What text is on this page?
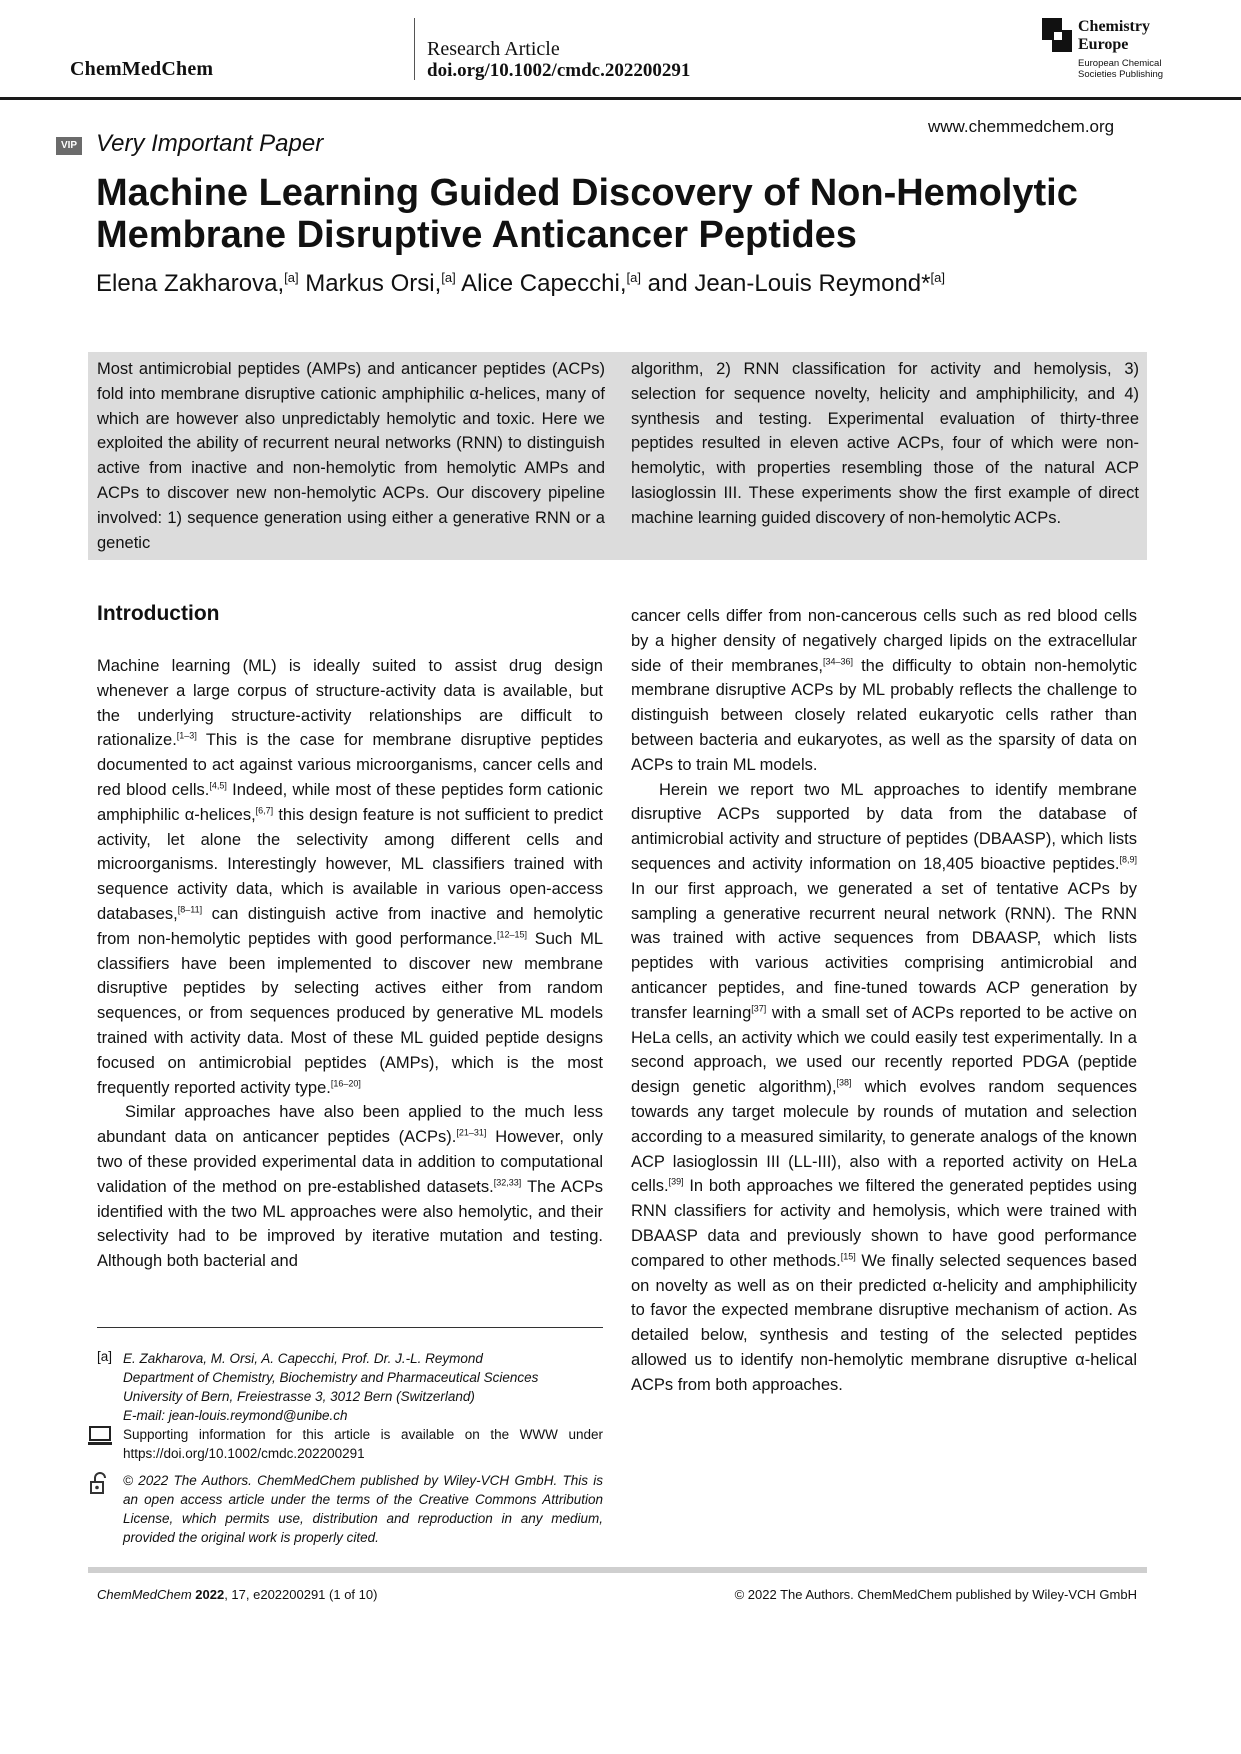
ChemMedChem
Research Article
doi.org/10.1002/cmdc.202200291
Chemistry
Europe
European Chemical
Societies Publishing
www.chemmedchem.org
VIP Very Important Paper
Machine Learning Guided Discovery of Non-Hemolytic
Membrane Disruptive Anticancer Peptides
Elena Zakharova,[a] Markus Orsi,[a] Alice Capecchi,[a] and Jean-Louis Reymond*[a]
Most antimicrobial peptides (AMPs) and anticancer peptides (ACPs) fold into membrane disruptive cationic amphiphilic α-helices, many of which are however also unpredictably hemolytic and toxic. Here we exploited the ability of recurrent neural networks (RNN) to distinguish active from inactive and non-hemolytic from hemolytic AMPs and ACPs to discover new non-hemolytic ACPs. Our discovery pipeline involved: 1) sequence generation using either a generative RNN or a genetic
algorithm, 2) RNN classification for activity and hemolysis, 3) selection for sequence novelty, helicity and amphiphilicity, and 4) synthesis and testing. Experimental evaluation of thirty-three peptides resulted in eleven active ACPs, four of which were non-hemolytic, with properties resembling those of the natural ACP lasioglossin III. These experiments show the first example of direct machine learning guided discovery of non-hemolytic ACPs.
Introduction

Machine learning (ML) is ideally suited to assist drug design whenever a large corpus of structure-activity data is available, but the underlying structure-activity relationships are difficult to rationalize.[1–3] This is the case for membrane disruptive peptides documented to act against various microorganisms, cancer cells and red blood cells.[4,5] Indeed, while most of these peptides form cationic amphiphilic α-helices,[6,7] this design feature is not sufficient to predict activity, let alone the selectivity among different cells and microorganisms. Interestingly however, ML classifiers trained with sequence activity data, which is available in various open-access databases,[8–11] can distinguish active from inactive and hemolytic from non-hemolytic peptides with good performance.[12–15] Such ML classifiers have been implemented to discover new membrane disruptive peptides by selecting actives either from random sequences, or from sequences produced by generative ML models trained with activity data. Most of these ML guided peptide designs focused on antimicrobial peptides (AMPs), which is the most frequently reported activity type.[16–20]

Similar approaches have also been applied to the much less abundant data on anticancer peptides (ACPs).[21–31] However, only two of these provided experimental data in addition to computational validation of the method on pre-established datasets.[32,33] The ACPs identified with the two ML approaches were also hemolytic, and their selectivity had to be improved by iterative mutation and testing. Although both bacterial and

cancer cells differ from non-cancerous cells such as red blood cells by a higher density of negatively charged lipids on the extracellular side of their membranes,[34–36] the difficulty to obtain non-hemolytic membrane disruptive ACPs by ML probably reflects the challenge to distinguish between closely related eukaryotic cells rather than between bacteria and eukaryotes, as well as the sparsity of data on ACPs to train ML models.

Herein we report two ML approaches to identify membrane disruptive ACPs supported by data from the database of antimicrobial activity and structure of peptides (DBAASP), which lists sequences and activity information on 18,405 bioactive peptides.[8,9] In our first approach, we generated a set of tentative ACPs by sampling a generative recurrent neural network (RNN). The RNN was trained with active sequences from DBAASP, which lists peptides with various activities comprising antimicrobial and anticancer peptides, and fine-tuned towards ACP generation by transfer learning[37] with a small set of ACPs reported to be active on HeLa cells, an activity which we could easily test experimentally. In a second approach, we used our recently reported PDGA (peptide design genetic algorithm),[38] which evolves random sequences towards any target molecule by rounds of mutation and selection according to a measured similarity, to generate analogs of the known ACP lasioglossin III (LL-III), also with a reported activity on HeLa cells.[39] In both approaches we filtered the generated peptides using RNN classifiers for activity and hemolysis, which were trained with DBAASP data and previously shown to have good performance compared to other methods.[15] We finally selected sequences based on novelty as well as on their predicted α-helicity and amphiphilicity to favor the expected membrane disruptive mechanism of action. As detailed below, synthesis and testing of the selected peptides allowed us to identify non-hemolytic membrane disruptive α-helical ACPs from both approaches.

[a] E. Zakharova, M. Orsi, A. Capecchi, Prof. Dr. J.-L. Reymond
Department of Chemistry, Biochemistry and Pharmaceutical Sciences
University of Bern, Freiestrasse 3, 3012 Bern (Switzerland)
E-mail: jean-louis.reymond@unibe.ch
Supporting information for this article is available on the WWW under https://doi.org/10.1002/cmdc.202200291
© 2022 The Authors. ChemMedChem published by Wiley-VCH GmbH. This is an open access article under the terms of the Creative Commons Attribution License, which permits use, distribution and reproduction in any medium, provided the original work is properly cited.
ChemMedChem 2022, 17, e202200291 (1 of 10)	© 2022 The Authors. ChemMedChem published by Wiley-VCH GmbH
